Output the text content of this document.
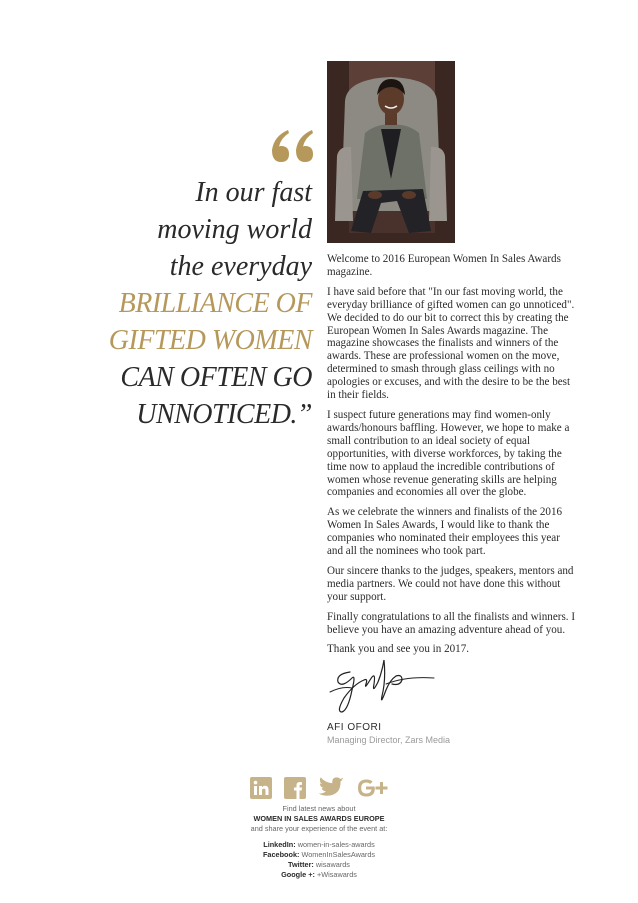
In our fast
moving world
the everyday
BRILLIANCE OF
GIFTED WOMEN
CAN OFTEN GO
UNNOTICED.”

Welcome to 2016 European Women In Sales Awards magazine.

I have said before that "In our fast moving world, the everyday brilliance of gifted women can go unnoticed". We decided to do our bit to correct this by creating the European Women In Sales Awards magazine. The magazine showcases the finalists and winners of the awards. These are professional women on the move, determined to smash through glass ceilings with no apologies or excuses, and with the desire to be the best in their fields.

I suspect future generations may find women-only awards/honours baffling. However, we hope to make a small contribution to an ideal society of equal opportunities, with diverse workforces, by taking the time now to applaud the incredible contributions of women whose revenue generating skills are helping companies and economies all over the globe.

As we celebrate the winners and finalists of the 2016 Women In Sales Awards, I would like to thank the companies who nominated their employees this year and all the nominees who took part.

Our sincere thanks to the judges, speakers, mentors and media partners. We could not have done this without your support.

Finally congratulations to all the finalists and winners. I believe you have an amazing adventure ahead of you.

Thank you and see you in 2017.

AFI OFORI
Managing Director, Zars Media
Find latest news about
WOMEN IN SALES AWARDS EUROPE
and share your experience of the event at:
LinkedIn: women-in-sales-awards
Facebook: WomenInSalesAwards
Twitter: wisawards
Google +: +Wisawards
